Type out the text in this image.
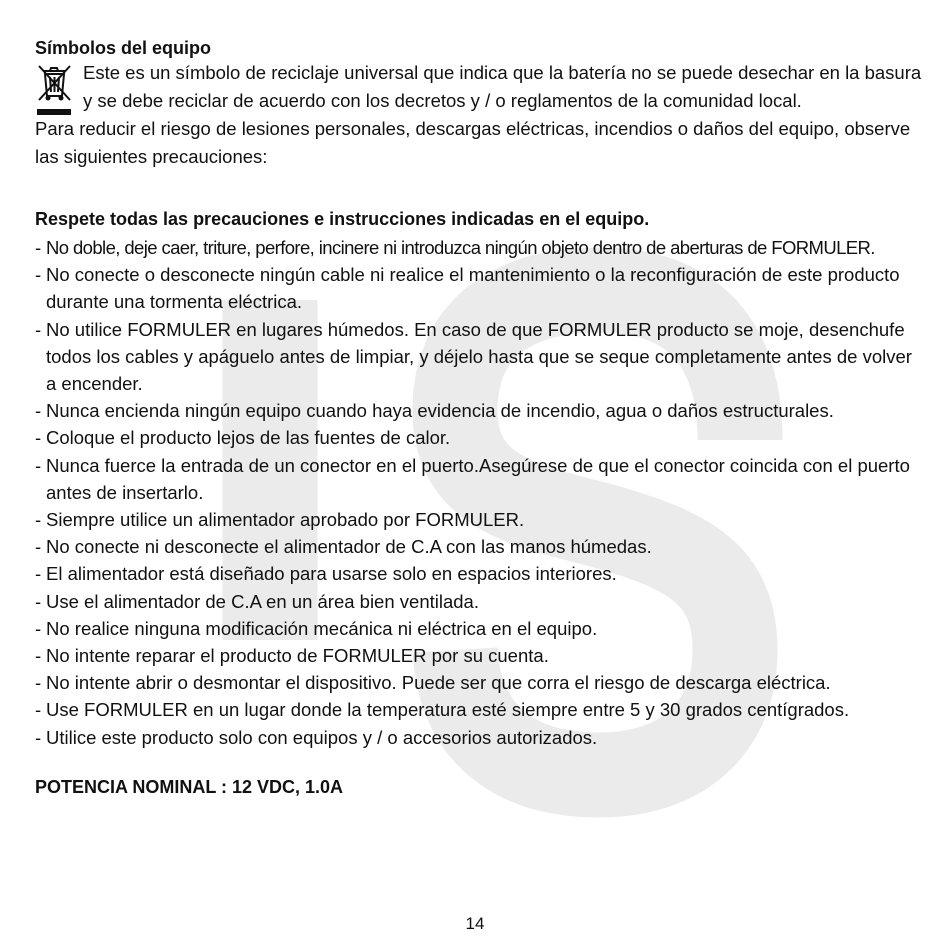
Símbolos del equipo
Este es un símbolo de reciclaje universal que indica que la batería no se puede desechar en la basura y se debe reciclar de acuerdo con los decretos y / o reglamentos de la comunidad local.
Para reducir el riesgo de lesiones personales, descargas eléctricas, incendios o daños del equipo, observe las siguientes precauciones:
Respete todas las precauciones e instrucciones indicadas en el equipo.
- No doble, deje caer, triture, perfore, incinere ni introduzca ningún objeto dentro de aberturas de FORMULER.
- No conecte o desconecte ningún cable ni realice el mantenimiento o la reconfiguración de este producto durante una tormenta eléctrica.
- No utilice FORMULER en lugares húmedos. En caso de que FORMULER producto se moje, desenchufe todos los cables y apáguelo antes de limpiar, y déjelo hasta que se seque completamente antes de volver a encender.
- Nunca encienda ningún equipo cuando haya evidencia de incendio, agua o daños estructurales.
- Coloque el producto lejos de las fuentes de calor.
- Nunca fuerce la entrada de un conector en el puerto.Asegúrese de que el conector coincida con el puerto antes de insertarlo.
- Siempre utilice un alimentador aprobado por FORMULER.
- No conecte ni desconecte el alimentador de C.A con las manos húmedas.
- El alimentador está diseñado para usarse solo en espacios interiores.
- Use el alimentador de C.A en un área bien ventilada.
- No realice ninguna modificación mecánica ni eléctrica en el equipo.
- No intente reparar el producto de FORMULER por su cuenta.
- No intente abrir o desmontar el dispositivo. Puede ser que corra el riesgo de descarga eléctrica.
- Use FORMULER en un lugar donde la temperatura esté siempre entre 5 y 30 grados centígrados.
- Utilice este producto solo con equipos y / o accesorios autorizados.
POTENCIA NOMINAL : 12 VDC, 1.0A
14
